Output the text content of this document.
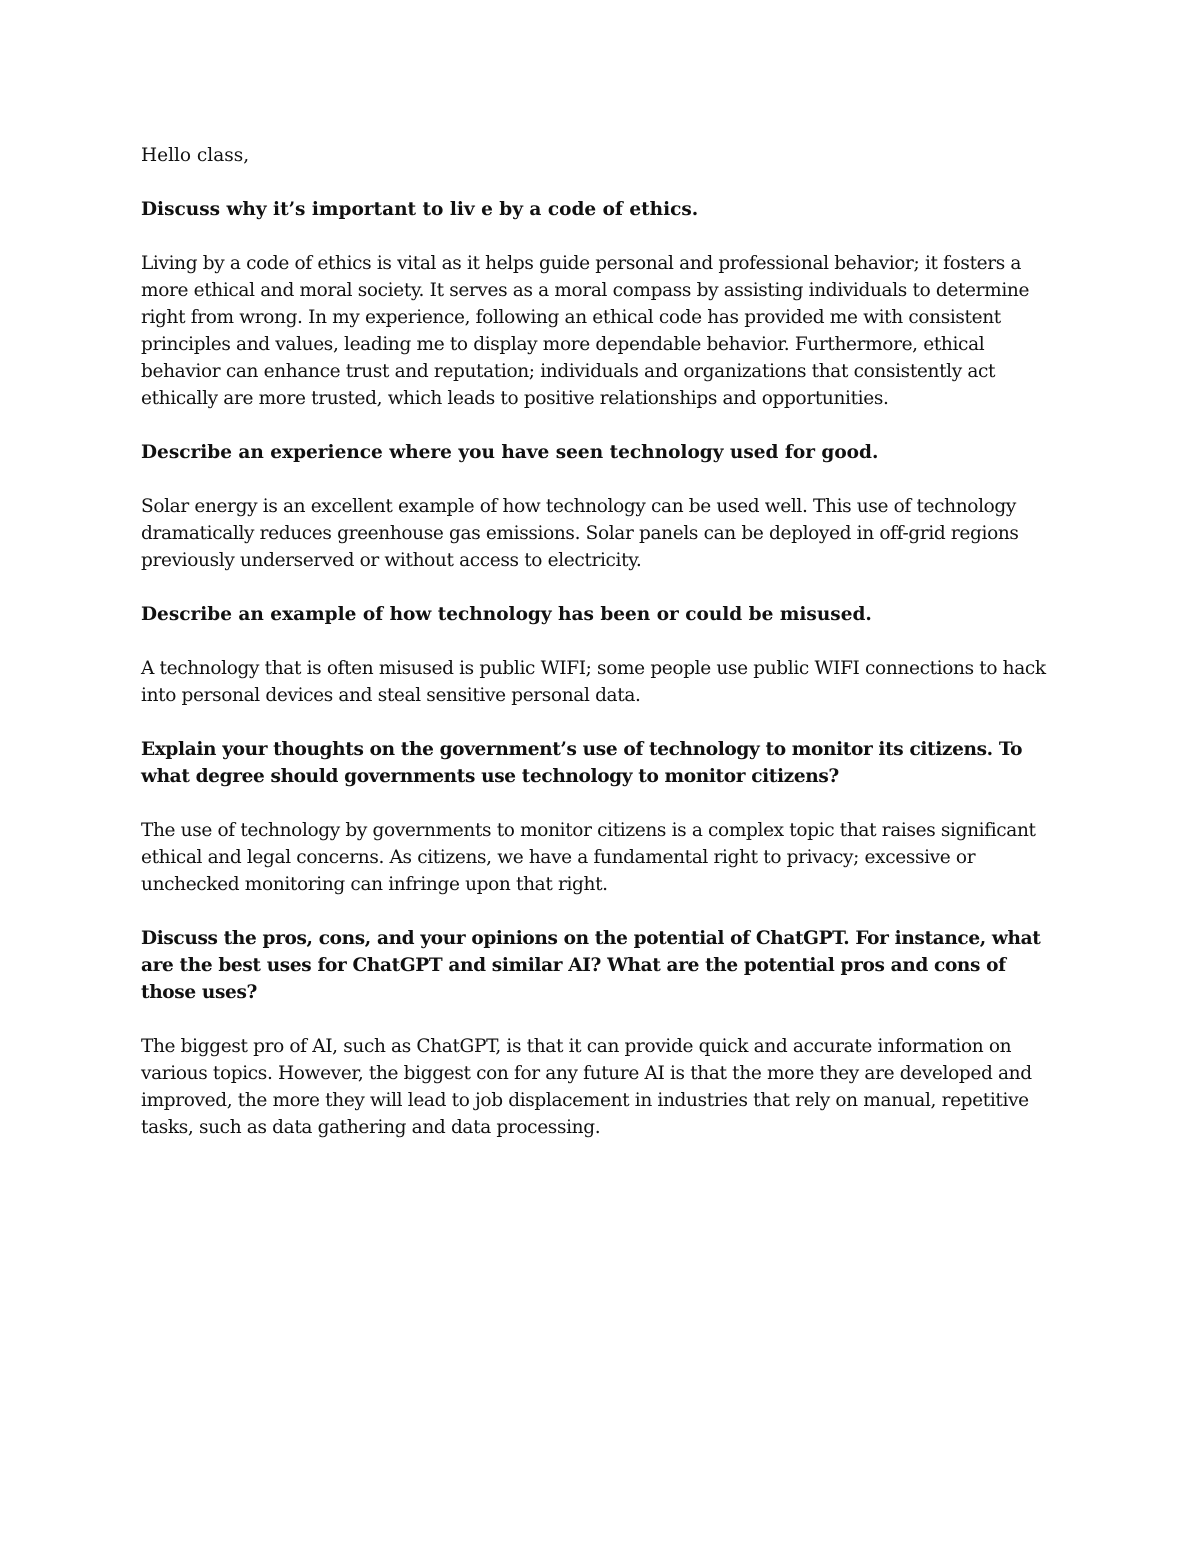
Hello class,

Discuss why it’s important to liv e by a code of ethics.

Living by a code of ethics is vital as it helps guide personal and professional behavior; it fosters a more ethical and moral society. It serves as a moral compass by assisting individuals to determine right from wrong. In my experience, following an ethical code has provided me with consistent principles and values, leading me to display more dependable behavior. Furthermore, ethical behavior can enhance trust and reputation; individuals and organizations that consistently act ethically are more trusted, which leads to positive relationships and opportunities.

Describe an experience where you have seen technology used for good.

Solar energy is an excellent example of how technology can be used well. This use of technology dramatically reduces greenhouse gas emissions. Solar panels can be deployed in off-grid regions previously underserved or without access to electricity.

Describe an example of how technology has been or could be misused.

A technology that is often misused is public WIFI; some people use public WIFI connections to hack into personal devices and steal sensitive personal data.

Explain your thoughts on the government’s use of technology to monitor its citizens. To what degree should governments use technology to monitor citizens?

The use of technology by governments to monitor citizens is a complex topic that raises significant ethical and legal concerns. As citizens, we have a fundamental right to privacy; excessive or unchecked monitoring can infringe upon that right.

Discuss the pros, cons, and your opinions on the potential of ChatGPT. For instance, what are the best uses for ChatGPT and similar AI? What are the potential pros and cons of those uses?

The biggest pro of AI, such as ChatGPT, is that it can provide quick and accurate information on various topics. However, the biggest con for any future AI is that the more they are developed and improved, the more they will lead to job displacement in industries that rely on manual, repetitive tasks, such as data gathering and data processing.
